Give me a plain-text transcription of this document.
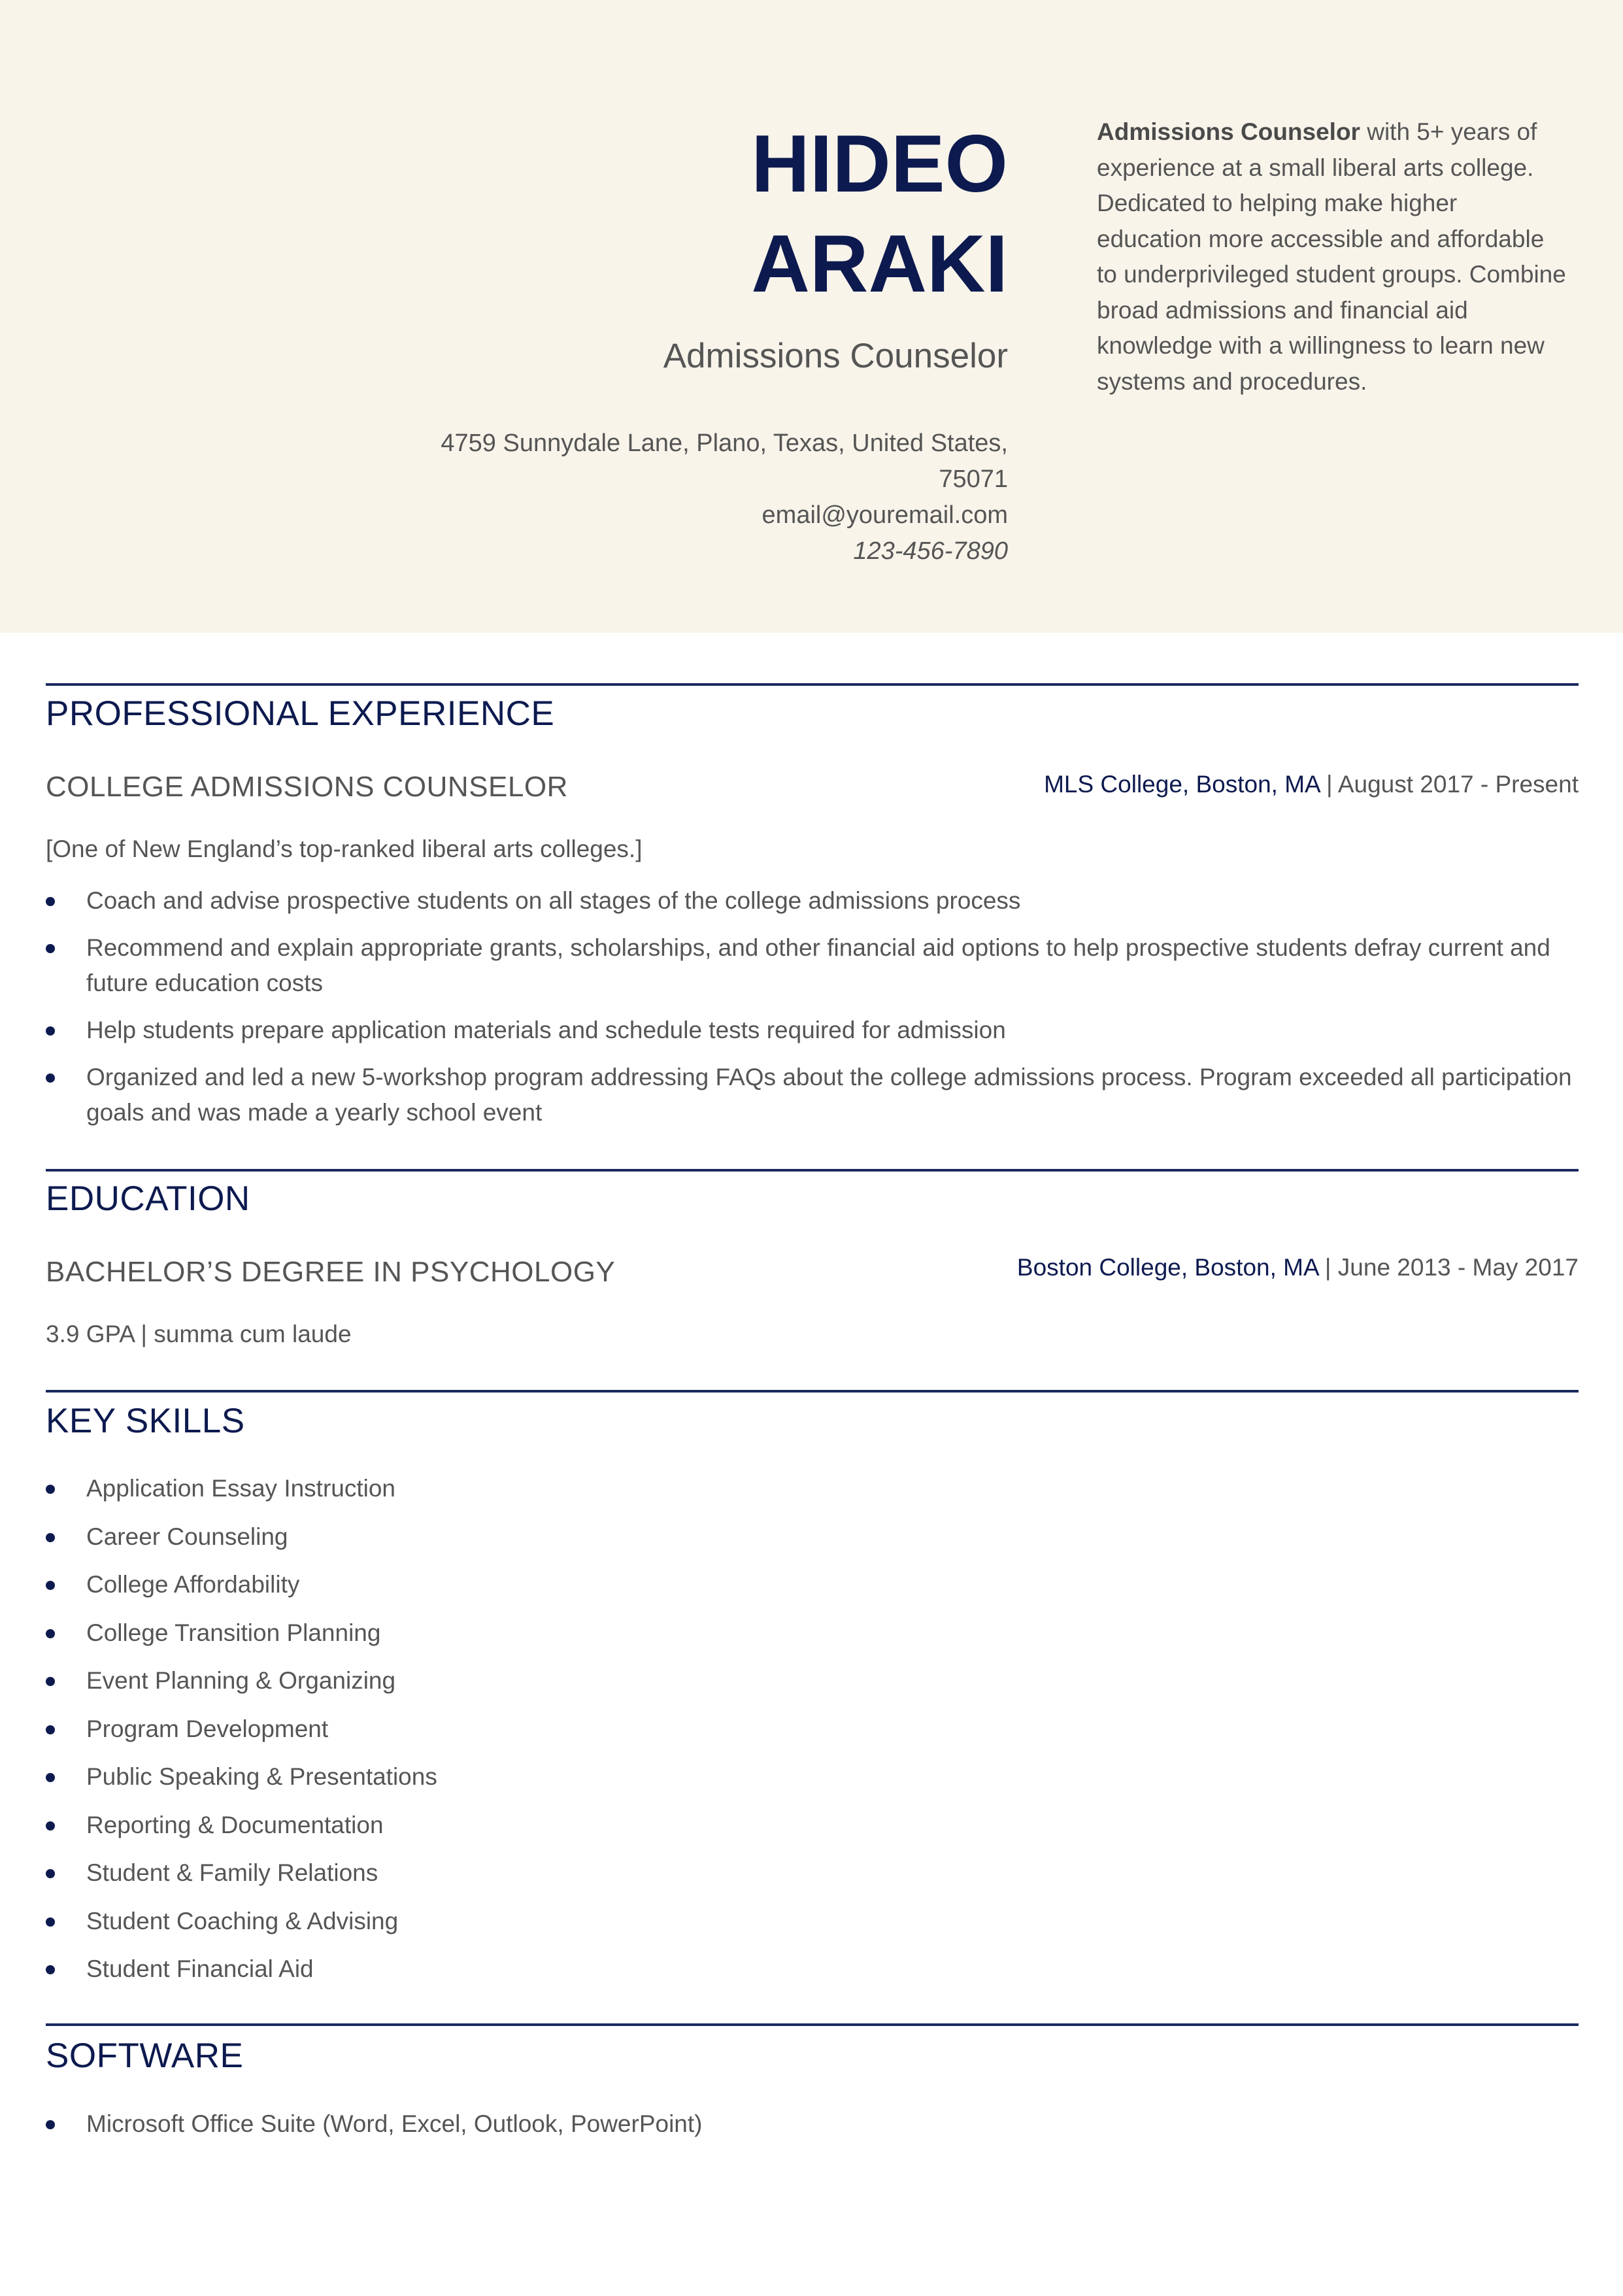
HIDEO
ARAKI
Admissions Counselor
4759 Sunnydale Lane, Plano, Texas, United States,
75071
email@youremail.com
123-456-7890
Admissions Counselor with 5+ years of experience at a small liberal arts college. Dedicated to helping make higher education more accessible and affordable to underprivileged student groups. Combine broad admissions and financial aid knowledge with a willingness to learn new systems and procedures.
PROFESSIONAL EXPERIENCE
COLLEGE ADMISSIONS COUNSELOR	MLS College, Boston, MA | August 2017 - Present
[One of New England’s top-ranked liberal arts colleges.]
Coach and advise prospective students on all stages of the college admissions process
Recommend and explain appropriate grants, scholarships, and other financial aid options to help prospective students defray current and future education costs
Help students prepare application materials and schedule tests required for admission
Organized and led a new 5-workshop program addressing FAQs about the college admissions process. Program exceeded all participation goals and was made a yearly school event
EDUCATION
BACHELOR’S DEGREE IN PSYCHOLOGY	Boston College, Boston, MA | June 2013 - May 2017
3.9 GPA | summa cum laude
KEY SKILLS
Application Essay Instruction
Career Counseling
College Affordability
College Transition Planning
Event Planning & Organizing
Program Development
Public Speaking & Presentations
Reporting & Documentation
Student & Family Relations
Student Coaching & Advising
Student Financial Aid
SOFTWARE
Microsoft Office Suite (Word, Excel, Outlook, PowerPoint)
